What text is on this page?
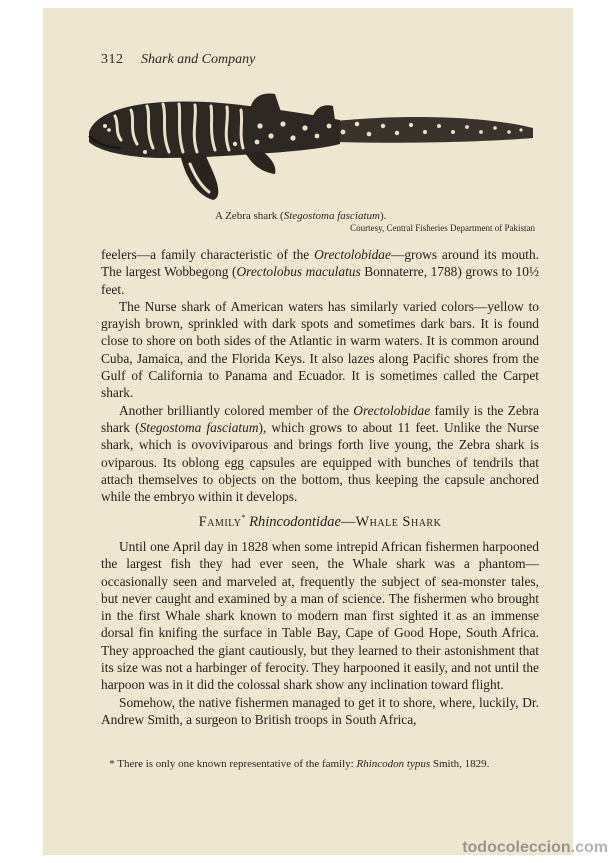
312 Shark and Company
A Zebra shark (Stegostoma fasciatum).
Courtesy, Central Fisheries Department of Pakistan

feelers—a family characteristic of the Orectolobidae—grows around its mouth. The largest Wobbegong (Orectolobus maculatus Bonnaterre, 1788) grows to 10½ feet.

The Nurse shark of American waters has similarly varied colors—yellow to grayish brown, sprinkled with dark spots and sometimes dark bars. It is found close to shore on both sides of the Atlantic in warm waters. It is common around Cuba, Jamaica, and the Florida Keys. It also lazes along Pacific shores from the Gulf of California to Panama and Ecuador. It is sometimes called the Carpet shark.

Another brilliantly colored member of the Orectolobidae family is the Zebra shark (Stegostoma fasciatum), which grows to about 11 feet. Unlike the Nurse shark, which is ovoviviparous and brings forth live young, the Zebra shark is oviparous. Its oblong egg capsules are equipped with bunches of tendrils that attach themselves to objects on the bottom, thus keeping the capsule anchored while the embryo within it develops.

Family* Rhincodontidae—Whale Shark

Until one April day in 1828 when some intrepid African fishermen harpooned the largest fish they had ever seen, the Whale shark was a phantom—occasionally seen and marveled at, frequently the subject of sea-monster tales, but never caught and examined by a man of science. The fishermen who brought in the first Whale shark known to modern man first sighted it as an immense dorsal fin knifing the surface in Table Bay, Cape of Good Hope, South Africa. They approached the giant cautiously, but they learned to their astonishment that its size was not a harbinger of ferocity. They harpooned it easily, and not until the harpoon was in it did the colossal shark show any inclination toward flight.

Somehow, the native fishermen managed to get it to shore, where, luckily, Dr. Andrew Smith, a surgeon to British troops in South Africa,

* There is only one known representative of the family: Rhincodon typus Smith, 1829.
todocoleccion.com
